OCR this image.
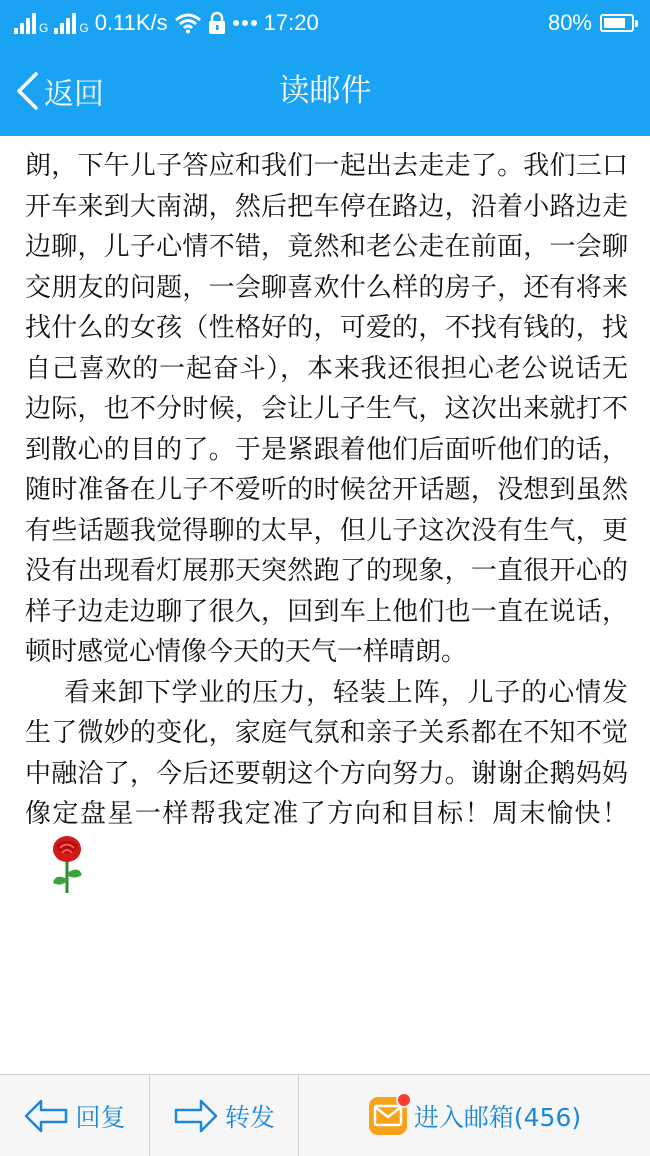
G	G 0.11K/s	17:20	80%
返回	读邮件

朗，下午儿子答应和我们一起出去走走了。我们三口开车来到大南湖，然后把车停在路边，沿着小路边走边聊，儿子心情不错，竟然和老公走在前面，一会聊交朋友的问题，一会聊喜欢什么样的房子，还有将来找什么的女孩（性格好的，可爱的，不找有钱的，找自己喜欢的一起奋斗），本来我还很担心老公说话无边际，也不分时候，会让儿子生气，这次出来就打不到散心的目的了。于是紧跟着他们后面听他们的话，随时准备在儿子不爱听的时候岔开话题，没想到虽然有些话题我觉得聊的太早，但儿子这次没有生气，更没有出现看灯展那天突然跑了的现象，一直很开心的样子边走边聊了很久，回到车上他们也一直在说话，顿时感觉心情像今天的天气一样晴朗。

看来卸下学业的压力，轻装上阵，儿子的心情发生了微妙的变化，家庭气氛和亲子关系都在不知不觉中融洽了，今后还要朝这个方向努力。谢谢企鹅妈妈像定盘星一样帮我定准了方向和目标！周末愉快！

回复	转发	进入邮箱(456)
